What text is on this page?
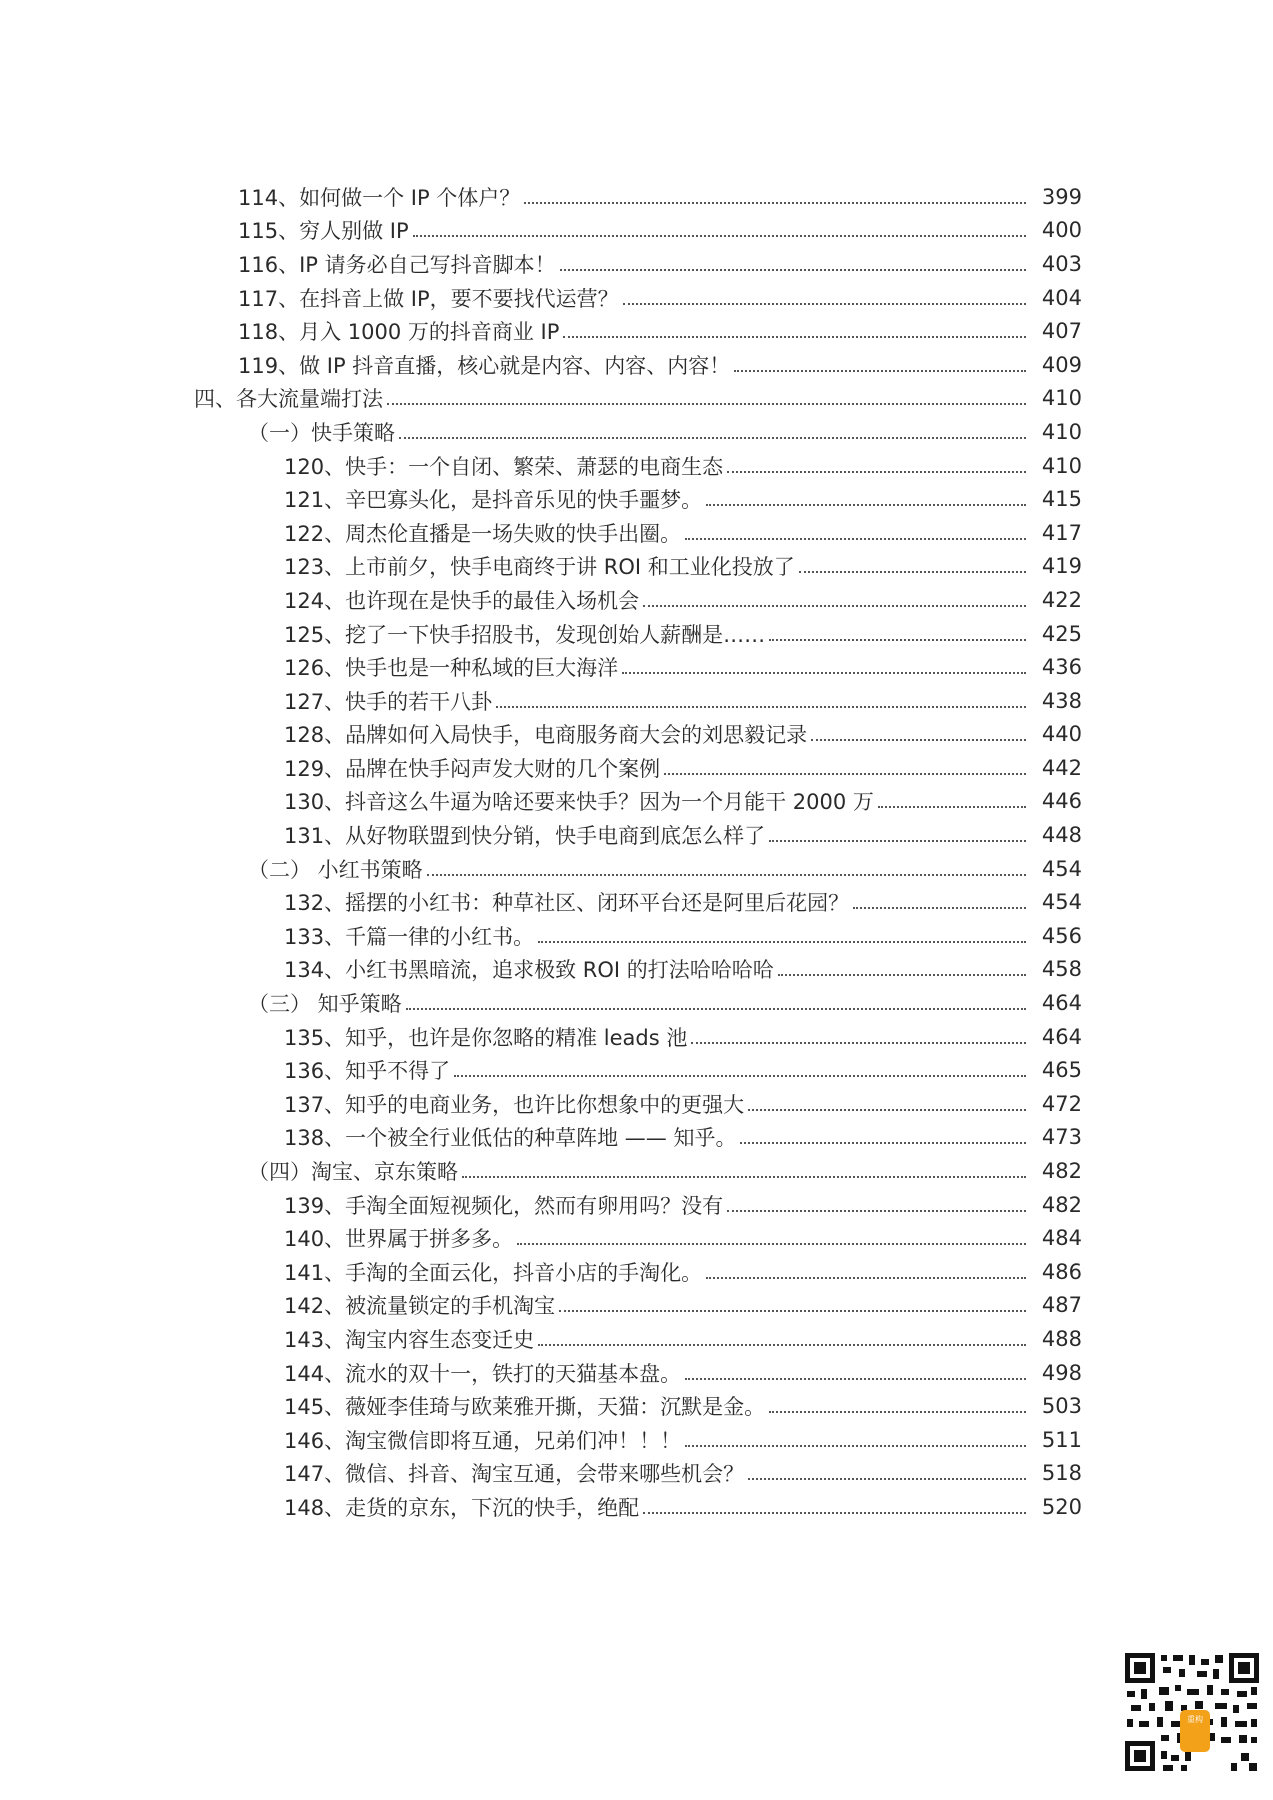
114、 如何做一个 IP 个体户？	399
115、 穷人别做 IP	400
116、 IP 请务必自己写抖音脚本！	403
117、 在抖音上做 IP，要不要找代运营？	404
118、 月入 1000 万的抖音商业 IP	407
119、 做 IP 抖音直播，核心就是内容、内容、内容！	409
四、 各大流量端打法	410
（一） 快手策略	410
120、 快手：一个自闭、繁荣、萧瑟的电商生态	410
121、 辛巴寡头化，是抖音乐见的快手噩梦。	415
122、 周杰伦直播是一场失败的快手出圈。	417
123、 上市前夕，快手电商终于讲 ROI 和工业化投放了	419
124、 也许现在是快手的最佳入场机会	422
125、 挖了一下快手招股书，发现创始人薪酬是……	425
126、 快手也是一种私域的巨大海洋	436
127、 快手的若干八卦	438
128、 品牌如何入局快手，电商服务商大会的刘思毅记录	440
129、 品牌在快手闷声发大财的几个案例	442
130、 抖音这么牛逼为啥还要来快手？因为一个月能干 2000 万	446
131、 从好物联盟到快分销，快手电商到底怎么样了	448
（二） 小红书策略	454
132、 摇摆的小红书：种草社区、闭环平台还是阿里后花园？	454
133、 千篇一律的小红书。	456
134、 小红书黑暗流，追求极致 ROI 的打法哈哈哈哈	458
（三） 知乎策略	464
135、 知乎，也许是你忽略的精准 leads 池	464
136、 知乎不得了	465
137、 知乎的电商业务，也许比你想象中的更强大	472
138、 一个被全行业低估的种草阵地 —— 知乎。	473
（四） 淘宝、京东策略	482
139、 手淘全面短视频化，然而有卵用吗？没有	482
140、 世界属于拼多多。	484
141、 手淘的全面云化，抖音小店的手淘化。	486
142、 被流量锁定的手机淘宝	487
143、 淘宝内容生态变迁史	488
144、 流水的双十一，铁打的天猫基本盘。	498
145、 薇娅李佳琦与欧莱雅开撕，天猫：沉默是金。	503
146、 淘宝微信即将互通，兄弟们冲！！！	511
147、 微信、抖音、淘宝互通，会带来哪些机会？	518
148、 走货的京东，下沉的快手，绝配	520
重构
